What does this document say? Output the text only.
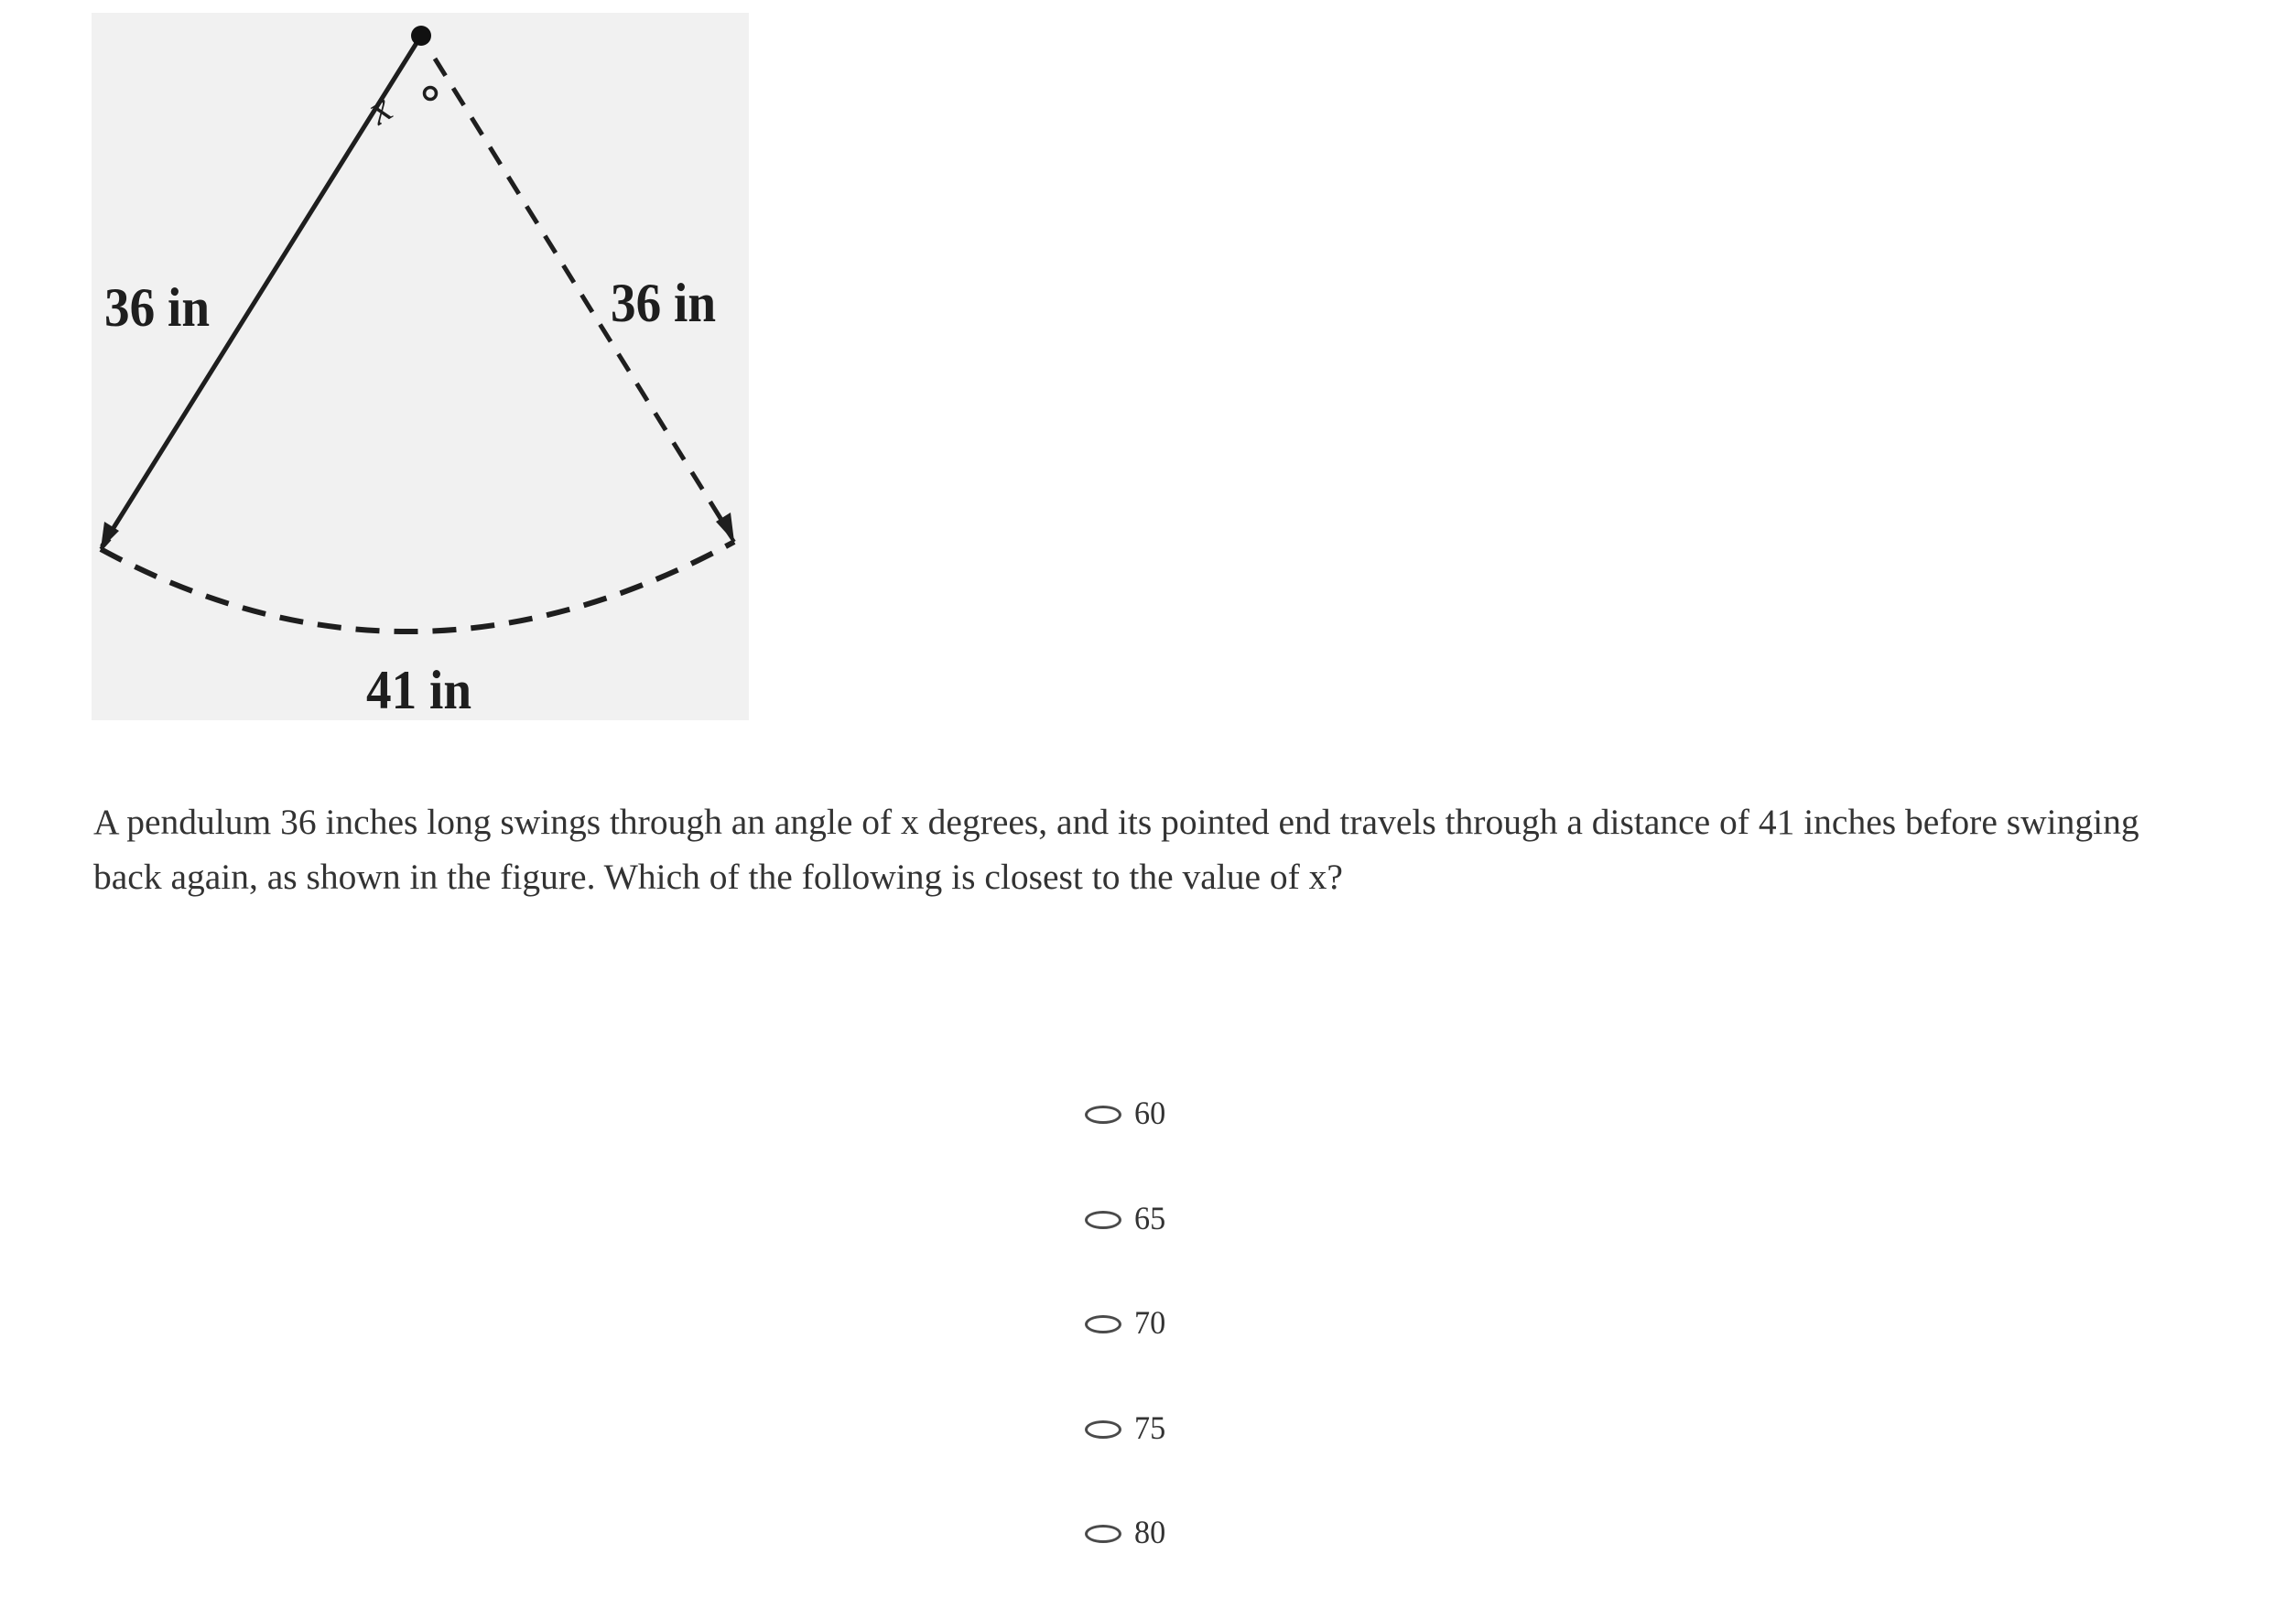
x
36 in	36 in
41 in

A pendulum 36 inches long swings through an angle of x degrees, and its pointed end travels through a distance of 41 inches before swinging back again, as shown in the figure. Which of the following is closest to the value of x?

60
65
70
75
80
